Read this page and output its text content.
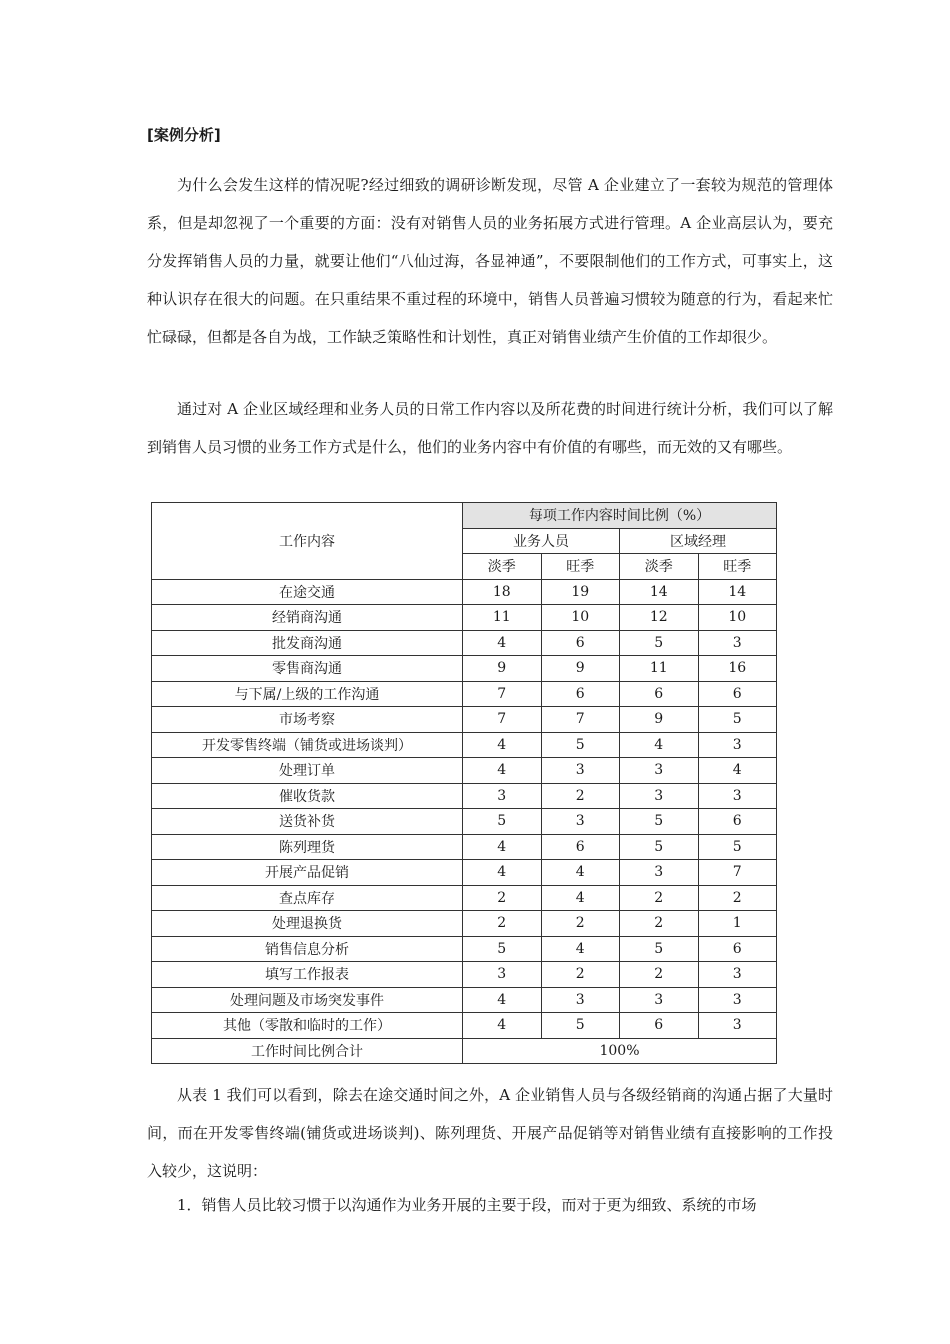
[案例分析]

为什么会发生这样的情况呢?经过细致的调研诊断发现，尽管 A 企业建立了一套较为规范的管理体系，但是却忽视了一个重要的方面：没有对销售人员的业务拓展方式进行管理。A 企业高层认为，要充分发挥销售人员的力量，就要让他们“八仙过海，各显神通”，不要限制他们的工作方式，可事实上，这种认识存在很大的问题。在只重结果不重过程的环境中，销售人员普遍习惯较为随意的行为，看起来忙忙碌碌，但都是各自为战，工作缺乏策略性和计划性，真正对销售业绩产生价值的工作却很少。

通过对 A 企业区域经理和业务人员的日常工作内容以及所花费的时间进行统计分析，我们可以了解到销售人员习惯的业务工作方式是什么，他们的业务内容中有价值的有哪些，而无效的又有哪些。

工作内容	每项工作内容时间比例（%）			
	业务人员		区域经理	
	淡季	旺季	淡季	旺季
在途交通	18	19	14	14
经销商沟通	11	10	12	10
批发商沟通	4	6	5	3
零售商沟通	9	9	11	16
与下属/上级的工作沟通	7	6	6	6
市场考察	7	7	9	5
开发零售终端（铺货或进场谈判）	4	5	4	3
处理订单	4	3	3	4
催收货款	3	2	3	3
送货补货	5	3	5	6
陈列理货	4	6	5	5
开展产品促销	4	4	3	7
查点库存	2	4	2	2
处理退换货	2	2	2	1
销售信息分析	5	4	5	6
填写工作报表	3	2	2	3
处理问题及市场突发事件	4	3	3	3
其他（零散和临时的工作）	4	5	6	3
工作时间比例合计	100%			

从表 1 我们可以看到，除去在途交通时间之外，A 企业销售人员与各级经销商的沟通占据了大量时间，而在开发零售终端(铺货或进场谈判)、陈列理货、开展产品促销等对销售业绩有直接影响的工作投入较少，这说明：

1．销售人员比较习惯于以沟通作为业务开展的主要于段，而对于更为细致、系统的市场
